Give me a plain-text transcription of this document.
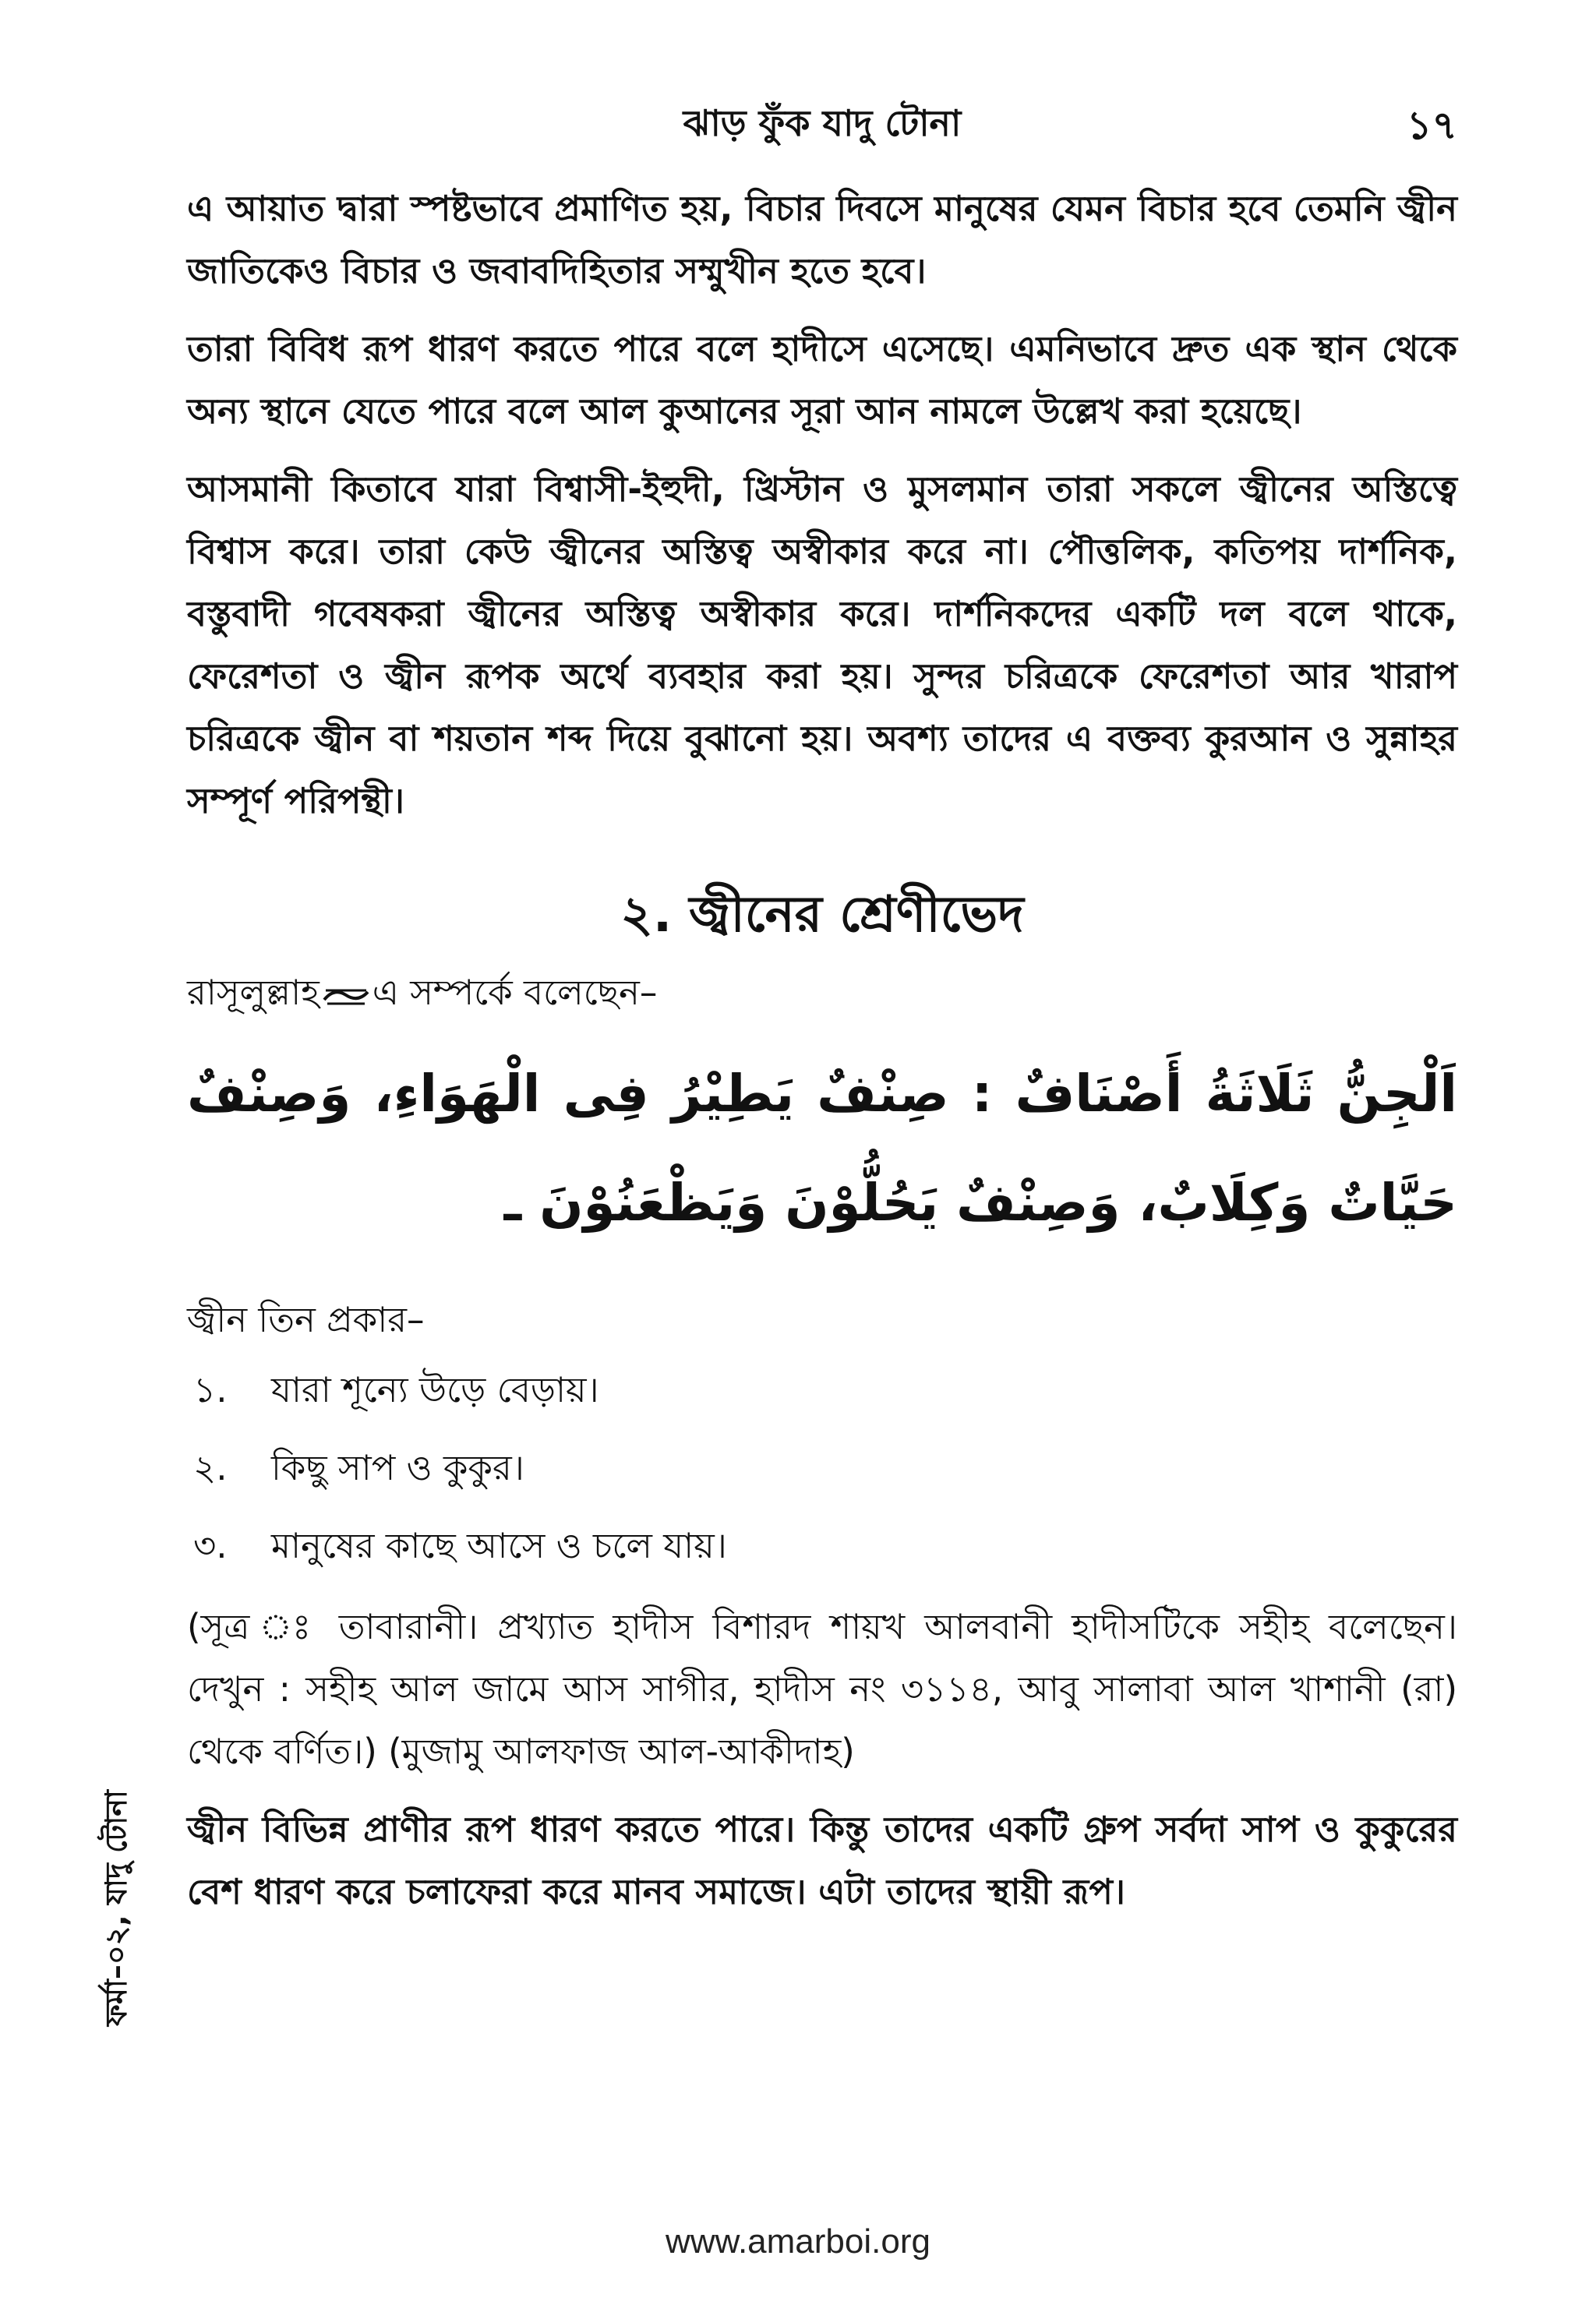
ঝাড় ফুঁক যাদু টোনা	১৭

এ আয়াত দ্বারা স্পষ্টভাবে প্রমাণিত হয়, বিচার দিবসে মানুষের যেমন বিচার হবে তেমনি জ্বীন জাতিকেও বিচার ও জবাবদিহিতার সম্মুখীন হতে হবে।

তারা বিবিধ রূপ ধারণ করতে পারে বলে হাদীসে এসেছে। এমনিভাবে দ্রুত এক স্থান থেকে অন্য স্থানে যেতে পারে বলে আল কুআনের সূরা আন নামলে উল্লেখ করা হয়েছে।

আসমানী কিতাবে যারা বিশ্বাসী-ইহুদী, খ্রিস্টান ও মুসলমান তারা সকলে জ্বীনের অস্তিত্বে বিশ্বাস করে। তারা কেউ জ্বীনের অস্তিত্ব অস্বীকার করে না। পৌত্তলিক, কতিপয় দার্শনিক, বস্তুবাদী গবেষকরা জ্বীনের অস্তিত্ব অস্বীকার করে। দার্শনিকদের একটি দল বলে থাকে, ফেরেশতা ও জ্বীন রূপক অর্থে ব্যবহার করা হয়। সুন্দর চরিত্রকে ফেরেশতা আর খারাপ চরিত্রকে জ্বীন বা শয়তান শব্দ দিয়ে বুঝানো হয়। অবশ্য তাদের এ বক্তব্য কুরআন ও সুন্নাহর সম্পূর্ণ পরিপন্থী।

২. জ্বীনের শ্রেণীভেদ

রাসূলুল্লাহ এ সম্পর্কে বলেছেন–

اَلْجِنُّ ثَلَاثَةُ أَصْنَافٌ : صِنْفٌ يَطِيْرُ فِى الْهَوَاءِ، وَصِنْفٌ حَيَّاتٌ وَكِلَابٌ، وَصِنْفٌ يَحُلُّوْنَ وَيَظْعَنُوْنَ ـ

জ্বীন তিন প্রকার–

১.	যারা শূন্যে উড়ে বেড়ায়।
২.	কিছু সাপ ও কুকুর।
৩.	মানুষের কাছে আসে ও চলে যায়।

(সূত্র ঃ তাবারানী। প্রখ্যাত হাদীস বিশারদ শায়খ আলবানী হাদীসটিকে সহীহ বলেছেন। দেখুন : সহীহ আল জামে আস সাগীর, হাদীস নং ৩১১৪, আবু সালাবা আল খাশানী (রা) থেকে বর্ণিত।) (মুজামু আলফাজ আল-আকীদাহ)

জ্বীন বিভিন্ন প্রাণীর রূপ ধারণ করতে পারে। কিন্তু তাদের একটি গ্রুপ সর্বদা সাপ ও কুকুরের বেশ ধারণ করে চলাফেরা করে মানব সমাজে। এটা তাদের স্থায়ী রূপ।

ফর্মা–০২, যাদু টোনা
www.amarboi.org
